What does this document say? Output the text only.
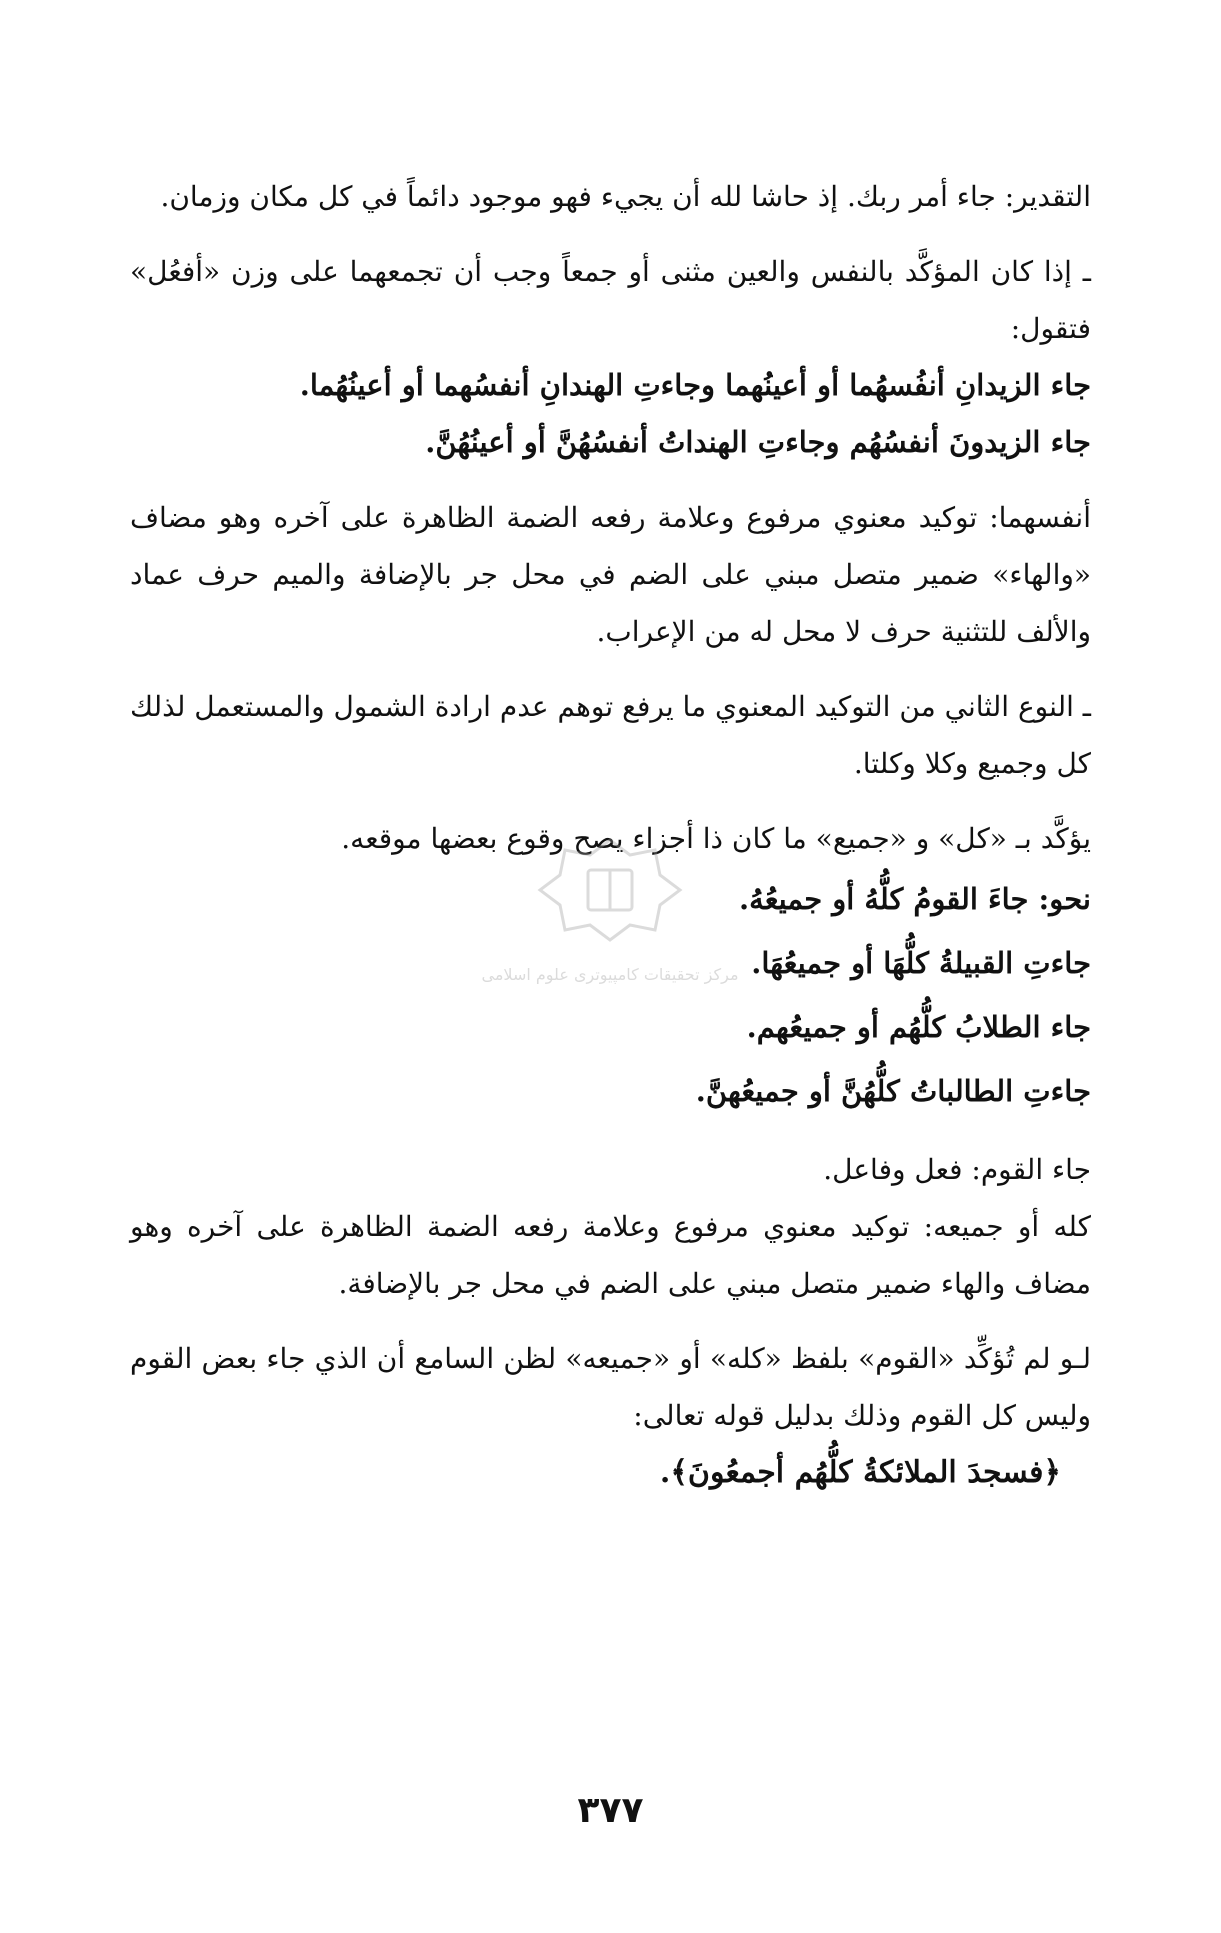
التقدير: جاء أمر ربك. إذ حاشا لله أن يجيء فهو موجود دائماً في كل مكان وزمان.

ـ إذا كان المؤكَّد بالنفس والعين مثنى أو جمعاً وجب أن تجمعهما على وزن «أفعُل» فتقول:

جاء الزيدانِ أنفُسهُما أو أعينُهما وجاءتِ الهندانِ أنفسُهما أو أعينُهُما.

جاء الزيدونَ أنفسُهُم وجاءتِ الهنداتُ أنفسُهُنَّ أو أعينُهُنَّ.

أنفسهما: توكيد معنوي مرفوع وعلامة رفعه الضمة الظاهرة على آخره وهو مضاف «والهاء» ضمير متصل مبني على الضم في محل جر بالإضافة والميم حرف عماد والألف للتثنية حرف لا محل له من الإعراب.

ـ النوع الثاني من التوكيد المعنوي ما يرفع توهم عدم ارادة الشمول والمستعمل لذلك كل وجميع وكلا وكلتا.

يؤكَّد بـ «كل» و «جميع» ما كان ذا أجزاء يصح وقوع بعضها موقعه.

نحو: جاءَ القومُ كلُّهُ أو جميعُهُ.
جاءتِ القبيلةُ كلُّهَا أو جميعُهَا.
جاء الطلابُ كلُّهُم أو جميعُهم.
جاءتِ الطالباتُ كلُّهُنَّ أو جميعُهنَّ.

جاء القوم: فعل وفاعل.

كله أو جميعه: توكيد معنوي مرفوع وعلامة رفعه الضمة الظاهرة على آخره وهو مضاف والهاء ضمير متصل مبني على الضم في محل جر بالإضافة.

لـو لم تُؤكِّد «القوم» بلفظ «كله» أو «جميعه» لظن السامع أن الذي جاء بعض القوم وليس كل القوم وذلك بدليل قوله تعالى:

﴿فسجدَ الملائكةُ كلُّهُم أجمعُونَ﴾.

مرکز تحقیقات کامپیوتری علوم اسلامی
٣٧٧
